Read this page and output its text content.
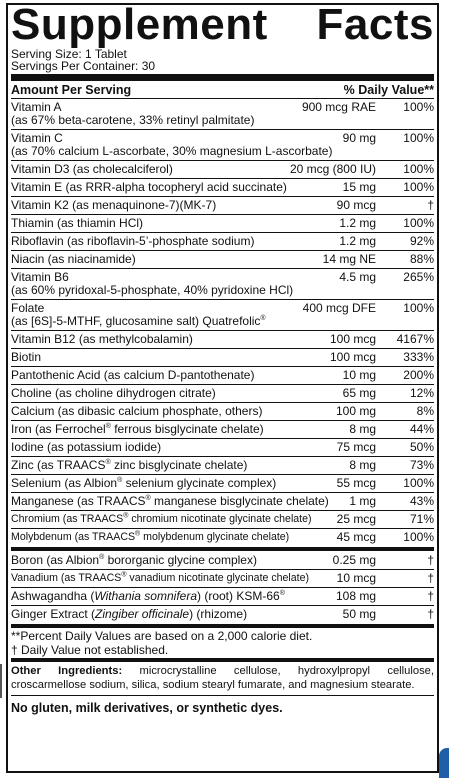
Supplement Facts
Serving Size: 1 Tablet
Servings Per Container: 30
Amount Per Serving	% Daily Value**
Vitamin A	900 mcg RAE	100%
(as 67% beta-carotene, 33% retinyl palmitate)
Vitamin C	90 mg	100%
(as 70% calcium L-ascorbate, 30% magnesium L-ascorbate)
Vitamin D3 (as cholecalciferol)	20 mcg (800 IU)	100%
Vitamin E (as RRR-alpha tocopheryl acid succinate)	15 mg	100%
Vitamin K2 (as menaquinone-7)(MK-7)	90 mcg	†
Thiamin (as thiamin HCl)	1.2 mg	100%
Riboflavin (as riboflavin-5’-phosphate sodium)	1.2 mg	92%
Niacin (as niacinamide)	14 mg NE	88%
Vitamin B6	4.5 mg	265%
(as 60% pyridoxal-5-phosphate, 40% pyridoxine HCl)
Folate	400 mcg DFE	100%
(as [6S]-5-MTHF, glucosamine salt) Quatrefolic®
Vitamin B12 (as methylcobalamin)	100 mcg	4167%
Biotin	100 mcg	333%
Pantothenic Acid (as calcium D-pantothenate)	10 mg	200%
Choline (as choline dihydrogen citrate)	65 mg	12%
Calcium (as dibasic calcium phosphate, others)	100 mg	8%
Iron (as Ferrochel® ferrous bisglycinate chelate)	8 mg	44%
Iodine (as potassium iodide)	75 mcg	50%
Zinc (as TRAACS® zinc bisglycinate chelate)	8 mg	73%
Selenium (as Albion® selenium glycinate complex)	55 mcg	100%
Manganese (as TRAACS® manganese bisglycinate chelate)	1 mg	43%
Chromium (as TRAACS® chromium nicotinate glycinate chelate)	25 mcg	71%
Molybdenum (as TRAACS® molybdenum glycinate chelate)	45 mcg	100%
Boron (as Albion® bororganic glycine complex)	0.25 mg	†
Vanadium (as TRAACS® vanadium nicotinate glycinate chelate)	10 mcg	†
Ashwagandha (Withania somnifera) (root) KSM-66®	108 mg	†
Ginger Extract (Zingiber officinale) (rhizome)	50 mg	†
**Percent Daily Values are based on a 2,000 calorie diet.
† Daily Value not established.
Other Ingredients: microcrystalline cellulose, hydroxylpropyl cellulose, croscarmellose sodium, silica, sodium stearyl fumarate, and magnesium stearate.
No gluten, milk derivatives, or synthetic dyes.
